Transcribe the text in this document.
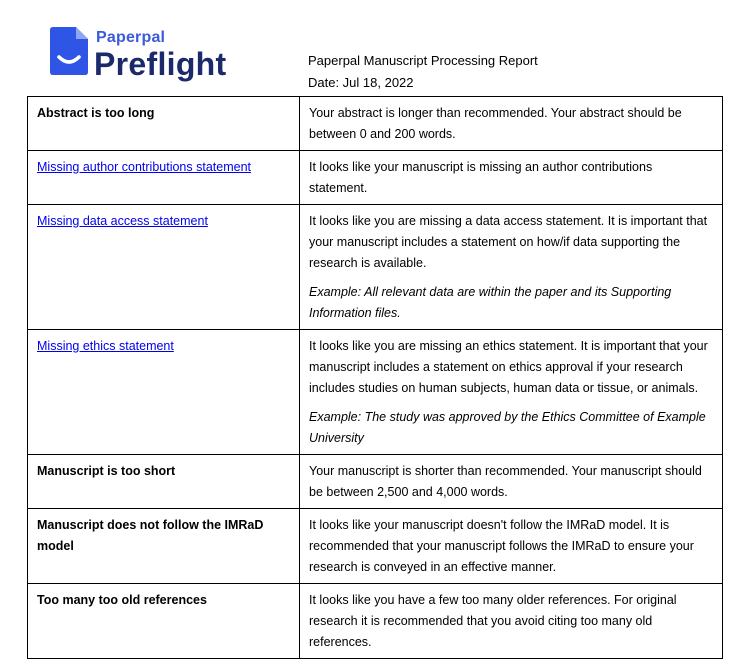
Paperpal
Preflight	Paperpal Manuscript Processing Report
Date: Jul 18, 2022
Abstract is too long	Your abstract is longer than recommended. Your abstract should be between 0 and 200 words.

Missing author contributions statement	It looks like your manuscript is missing an author contributions statement.

Missing data access statement	It looks like you are missing a data access statement. It is important that your manuscript includes a statement on how/if data supporting the research is available.
Example: All relevant data are within the paper and its Supporting Information files.

Missing ethics statement	It looks like you are missing an ethics statement. It is important that your manuscript includes a statement on ethics approval if your research includes studies on human subjects, human data or tissue, or animals.
Example: The study was approved by the Ethics Committee of Example University

Manuscript is too short	Your manuscript is shorter than recommended. Your manuscript should be between 2,500 and 4,000 words.

Manuscript does not follow the IMRaD model	It looks like your manuscript doesn't follow the IMRaD model. It is recommended that your manuscript follows the IMRaD to ensure your research is conveyed in an effective manner.

Too many too old references	It looks like you have a few too many older references. For original research it is recommended that you avoid citing too many old references.
